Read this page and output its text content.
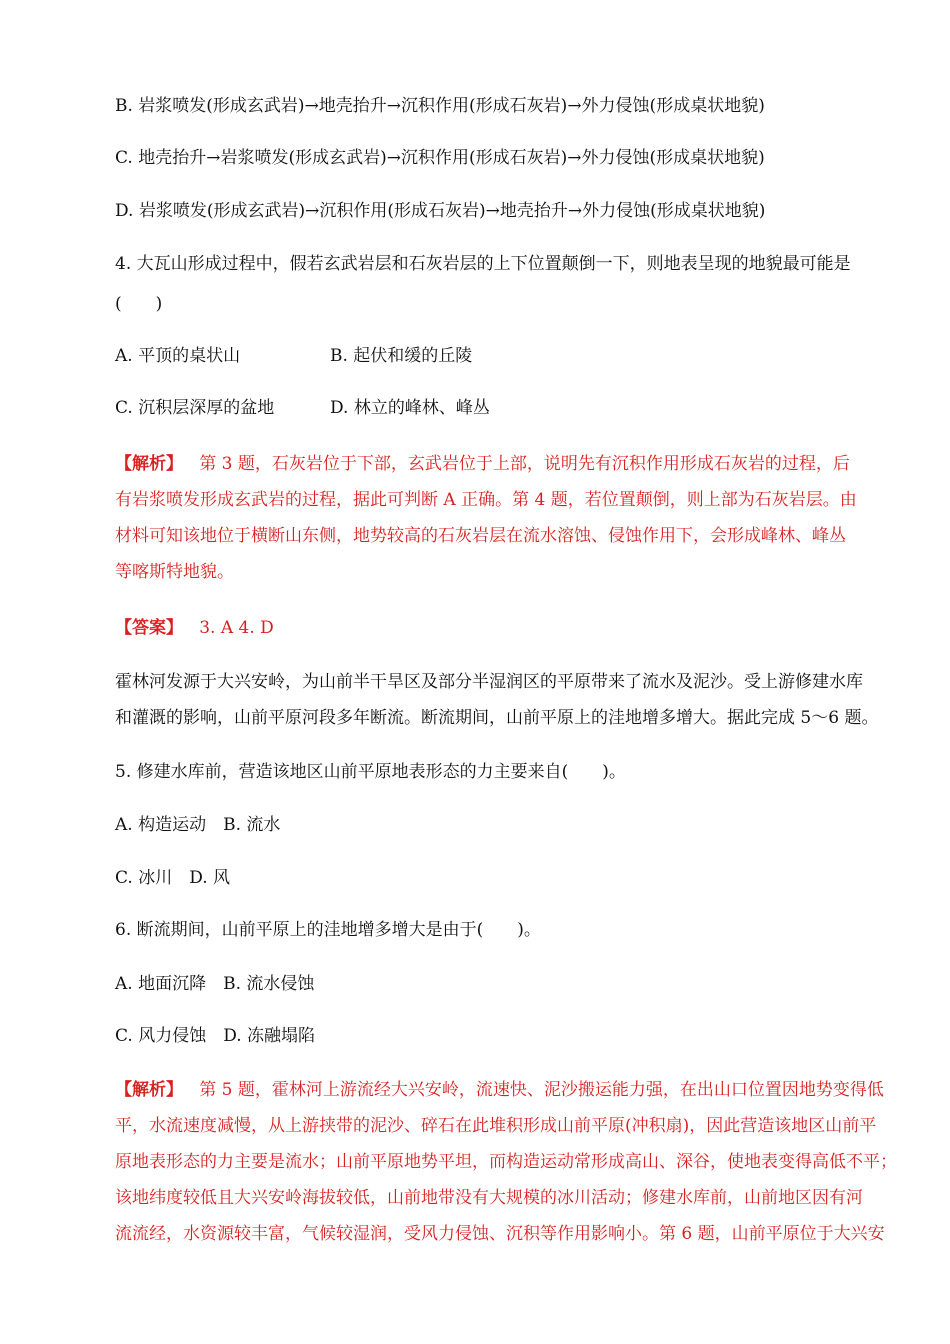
B. 岩浆喷发(形成玄武岩)→地壳抬升→沉积作用(形成石灰岩)→外力侵蚀(形成桌状地貌)
C. 地壳抬升→岩浆喷发(形成玄武岩)→沉积作用(形成石灰岩)→外力侵蚀(形成桌状地貌)
D. 岩浆喷发(形成玄武岩)→沉积作用(形成石灰岩)→地壳抬升→外力侵蚀(形成桌状地貌)
4. 大瓦山形成过程中，假若玄武岩层和石灰岩层的上下位置颠倒一下，则地表呈现的地貌最可能是
(　　)
A. 平顶的桌状山	B. 起伏和缓的丘陵
C. 沉积层深厚的盆地	D. 林立的峰林、峰丛

【解析】 第 3 题，石灰岩位于下部，玄武岩位于上部，说明先有沉积作用形成石灰岩的过程，后

有岩浆喷发形成玄武岩的过程，据此可判断 A 正确。第 4 题，若位置颠倒，则上部为石灰岩层。由

材料可知该地位于横断山东侧，地势较高的石灰岩层在流水溶蚀、侵蚀作用下，会形成峰林、峰丛

等喀斯特地貌。

【答案】 3. A 4. D

霍林河发源于大兴安岭，为山前半干旱区及部分半湿润区的平原带来了流水及泥沙。受上游修建水库

和灌溉的影响，山前平原河段多年断流。断流期间，山前平原上的洼地增多增大。据此完成 5～6 题。

5. 修建水库前，营造该地区山前平原地表形态的力主要来自(　　)。
A. 构造运动　B. 流水
C. 冰川　D. 风
6. 断流期间，山前平原上的洼地增多增大是由于(　　)。
A. 地面沉降　B. 流水侵蚀
C. 风力侵蚀　D. 冻融塌陷

【解析】 第 5 题，霍林河上游流经大兴安岭，流速快、泥沙搬运能力强，在出山口位置因地势变得低

平，水流速度减慢，从上游挟带的泥沙、碎石在此堆积形成山前平原(冲积扇)，因此营造该地区山前平

原地表形态的力主要是流水；山前平原地势平坦，而构造运动常形成高山、深谷，使地表变得高低不平；

该地纬度较低且大兴安岭海拔较低，山前地带没有大规模的冰川活动；修建水库前，山前地区因有河

流流经，水资源较丰富，气候较湿润，受风力侵蚀、沉积等作用影响小。第 6 题，山前平原位于大兴安
